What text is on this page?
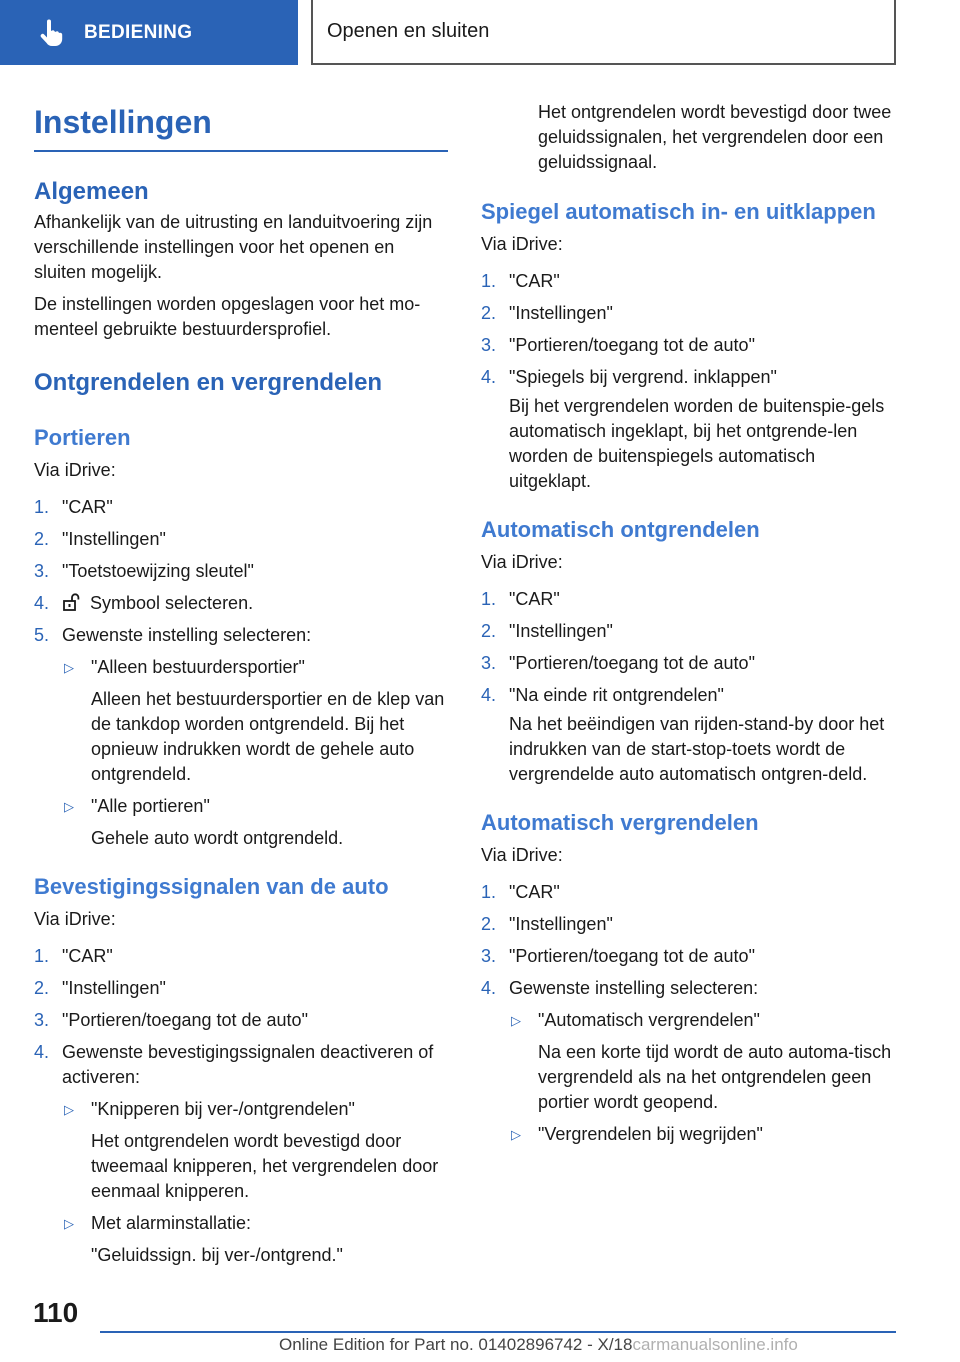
BEDIENING	Openen en sluiten
Instellingen
Algemeen

Afhankelijk van de uitrusting en landuitvoering zijn verschillende instellingen voor het openen en sluiten mogelijk.

De instellingen worden opgeslagen voor het mo‐menteel gebruikte bestuurdersprofiel.

Ontgrendelen en vergrendelen
Portieren

Via iDrive:

1. "CAR"
2. "Instellingen"
3. "Toetstoewijzing sleutel"
4. Symbool selecteren.
5. Gewenste instelling selecteren:
▷ "Alleen bestuurdersportier"
Alleen het bestuurdersportier en de klep van de tankdop worden ontgrendeld. Bij het opnieuw indrukken wordt de gehele auto ontgrendeld.
▷ "Alle portieren"
Gehele auto wordt ontgrendeld.
Bevestigingssignalen van de auto

Via iDrive:

1. "CAR"
2. "Instellingen"
3. "Portieren/toegang tot de auto"
4. Gewenste bevestigingssignalen deactiveren of activeren:
▷ "Knipperen bij ver-/ontgrendelen"
Het ontgrendelen wordt bevestigd door tweemaal knipperen, het vergrendelen door eenmaal knipperen.
▷ Met alarminstallatie:
"Geluidssign. bij ver-/ontgrend."

Het ontgrendelen wordt bevestigd door twee geluidssignalen, het vergrendelen door een geluidssignaal.

Spiegel automatisch in- en uitklappen

Via iDrive:

1. "CAR"
2. "Instellingen"
3. "Portieren/toegang tot de auto"
4. "Spiegels bij vergrend. inklappen"
Bij het vergrendelen worden de buitenspie‐gels automatisch ingeklapt, bij het ontgrende‐len worden de buitenspiegels automatisch uitgeklapt.
Automatisch ontgrendelen

Via iDrive:

1. "CAR"
2. "Instellingen"
3. "Portieren/toegang tot de auto"
4. "Na einde rit ontgrendelen"
Na het beëindigen van rijden-stand-by door het indrukken van de start-stop-toets wordt de vergrendelde auto automatisch ontgren‐deld.
Automatisch vergrendelen

Via iDrive:

1. "CAR"
2. "Instellingen"
3. "Portieren/toegang tot de auto"
4. Gewenste instelling selecteren:
▷ "Automatisch vergrendelen"
Na een korte tijd wordt de auto automa‐tisch vergrendeld als na het ontgrendelen geen portier wordt geopend.
▷ "Vergrendelen bij wegrijden"
110
Online Edition for Part no. 01402896742 - X/18carmanualsonline.info
